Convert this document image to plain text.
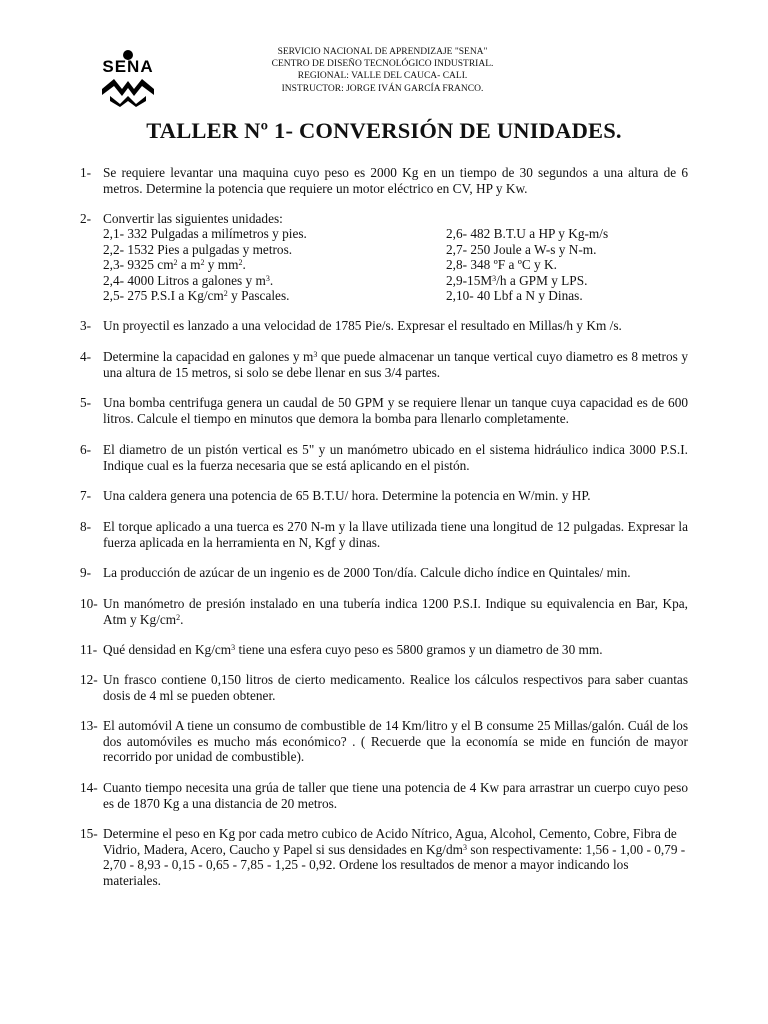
SENA
SERVICIO NACIONAL DE APRENDIZAJE "SENA"
CENTRO DE DISEÑO TECNOLÓGICO INDUSTRIAL.
REGIONAL: VALLE DEL CAUCA- CALI.
INSTRUCTOR: JORGE IVÁN GARCÍA FRANCO.
TALLER Nº 1- CONVERSIÓN DE UNIDADES.
1- Se requiere levantar una maquina cuyo peso es 2000 Kg en un tiempo de 30 segundos a una altura de 6 metros. Determine la potencia que requiere un motor eléctrico en CV, HP y Kw.
2- Convertir las siguientes unidades:
2,1- 332 Pulgadas a milímetros y pies.
2,2- 1532 Pies a pulgadas y metros.
2,3- 9325 $cm^2$ a $m^2$ y $mm^2$.
2,4- 4000 Litros a galones y $m^3$.
2,5- 275 P.S.I a $Kg/cm^2$ y Pascales.
2,6- 482 B.T.U a HP y Kg-m/s
2,7- 250 Joule a W-s y N-m.
2,8- 348 ºF a ºC y K.
$2,9-15M^3/h$ a GPM y LPS.
2,10- 40 Lbf a N y Dinas.
3- Un proyectil es lanzado a una velocidad de 1785 Pie/s. Expresar el resultado en Millas/h y Km /s.
4- Determine la capacidad en galones y $m^3$ que puede almacenar un tanque vertical cuyo diametro es 8 metros y una altura de 15 metros, si solo se debe llenar en sus 3/4 partes.
5- Una bomba centrifuga genera un caudal de 50 GPM y se requiere llenar un tanque cuya capacidad es de 600 litros. Calcule el tiempo en minutos que demora la bomba para llenarlo completamente.
6- El diametro de un pistón vertical es 5" y un manómetro ubicado en el sistema hidráulico indica 3000 P.S.I. Indique cual es la fuerza necesaria que se está aplicando en el pistón.
7- Una caldera genera una potencia de 65 B.T.U/ hora. Determine la potencia en W/min. y HP.
8- El torque aplicado a una tuerca es 270 N-m y la llave utilizada tiene una longitud de 12 pulgadas. Expresar la fuerza aplicada en la herramienta en N, Kgf y dinas.
9- La producción de azúcar de un ingenio es de 2000 Ton/día. Calcule dicho índice en Quintales/ min.
10- Un manómetro de presión instalado en una tubería indica 1200 P.S.I. Indique su equivalencia en Bar, Kpa, Atm y $Kg/cm^2$.
11- Qué densidad en $Kg/cm^3$ tiene una esfera cuyo peso es 5800 gramos y un diametro de 30 mm.
12- Un frasco contiene 0,150 litros de cierto medicamento. Realice los cálculos respectivos para saber cuantas dosis de 4 ml se pueden obtener.
13- El automóvil A tiene un consumo de combustible de 14 Km/litro y el B consume 25 Millas/galón. Cuál de los dos automóviles es mucho más económico? . ( Recuerde que la economía se mide en función de mayor recorrido por unidad de combustible).
14- Cuanto tiempo necesita una grúa de taller que tiene una potencia de 4 Kw para arrastrar un cuerpo cuyo peso es de 1870 Kg a una distancia de 20 metros.
15- Determine el peso en Kg por cada metro cubico de Acido Nítrico, Agua, Alcohol, Cemento, Cobre, Fibra de Vidrio, Madera, Acero, Caucho y Papel si sus densidades en $Kg/dm^3$ son respectivamente: 1,56 - 1,00 - 0,79 - 2,70 - 8,93 - 0,15 - 0,65 - 7,85 - 1,25 - 0,92. Ordene los resultados de menor a mayor indicando los materiales.
